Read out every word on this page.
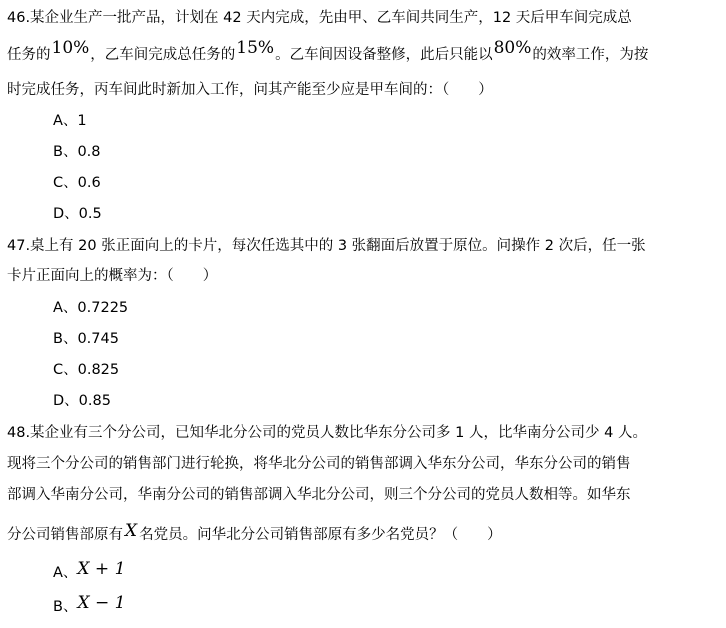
46.某企业生产一批产品，计划在 42 天内完成，先由甲、乙车间共同生产，12 天后甲车间完成总
任务的10%，乙车间完成总任务的15%。乙车间因设备整修，此后只能以80%的效率工作，为按
时完成任务，丙车间此时新加入工作，问其产能至少应是甲车间的：（　　）
A、1
B、0.8
C、0.6
D、0.5
47.桌上有 20 张正面向上的卡片，每次任选其中的 3 张翻面后放置于原位。问操作 2 次后，任一张
卡片正面向上的概率为：（　　）
A、0.7225
B、0.745
C、0.825
D、0.85
48.某企业有三个分公司，已知华北分公司的党员人数比华东分公司多 1 人，比华南分公司少 4 人。
现将三个分公司的销售部门进行轮换，将华北分公司的销售部调入华东分公司，华东分公司的销售
部调入华南分公司，华南分公司的销售部调入华北分公司，则三个分公司的党员人数相等。如华东
分公司销售部原有 X 名党员。问华北分公司销售部原有多少名党员？（　　）
A、X + 1
B、X − 1
